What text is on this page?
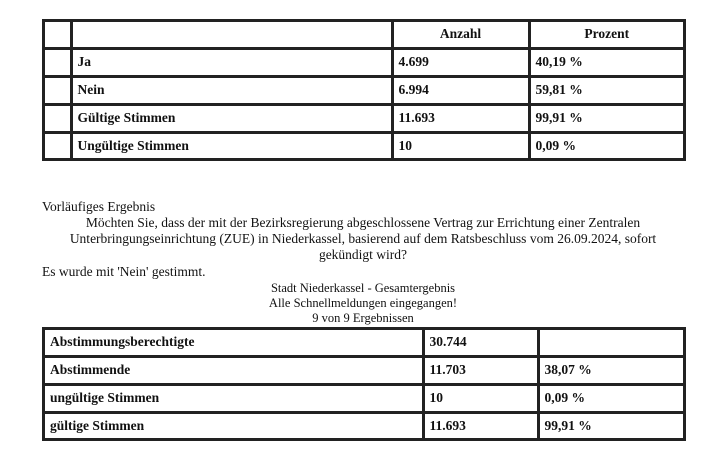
		Anzahl	Prozent
	Ja	4.699	40,19 %
	Nein	6.994	59,81 %
	Gültige Stimmen	11.693	99,91 %
	Ungültige Stimmen	10	0,09 %
Vorläufiges Ergebnis
Möchten Sie, dass der mit der Bezirksregierung abgeschlossene Vertrag zur Errichtung einer Zentralen Unterbringungseinrichtung (ZUE) in Niederkassel, basierend auf dem Ratsbeschluss vom 26.09.2024, sofort gekündigt wird?
Es wurde mit 'Nein' gestimmt.
Stadt Niederkassel - Gesamtergebnis
Alle Schnellmeldungen eingegangen!
9 von 9 Ergebnissen
Abstimmungsberechtigte	30.744	
Abstimmende	11.703	38,07 %
ungültige Stimmen	10	0,09 %
gültige Stimmen	11.693	99,91 %
